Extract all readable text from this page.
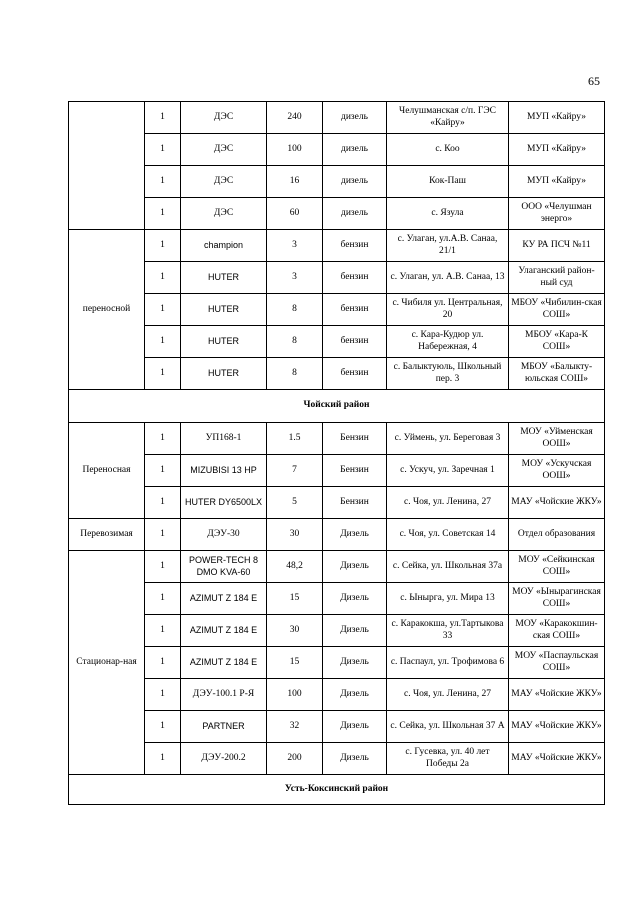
65
	1	ДЭС	240	дизель	Челушманская с/п. ГЭС «Кайру»	МУП «Кайру»
	1	ДЭС	100	дизель	с. Коо	МУП «Кайру»
	1	ДЭС	16	дизель	Кок-Паш	МУП «Кайру»
	1	ДЭС	60	дизель	с. Язула	ООО «Челушман энерго»
переносной	1	champion	3	бензин	с. Улаган, ул.А.В. Санаа, 21/1	КУ РА ПСЧ №11
	1	HUTER	3	бензин	с. Улаган, ул. А.В. Санаа, 13	Улаганский район-ный суд
	1	HUTER	8	бензин	с. Чибиля ул. Центральная, 20	МБОУ «Чибилин-ская СОШ»
	1	HUTER	8	бензин	с. Кара-Кудюр ул. Набережная, 4	МБОУ «Кара-К СОШ»
	1	HUTER	8	бензин	с. Балыктуюль, Школьный пер. 3	МБОУ «Балыкту-юльская СОШ»
Чойский район						
Переносная	1	УП168-1	1.5	Бензин	с. Уймень, ул. Береговая 3	МОУ «Уйменская ООШ»
	1	MIZUBISI 13 HP	7	Бензин	с. Ускуч, ул. Заречная 1	МОУ «Ускучская ООШ»
	1	HUTER DY6500LX	5	Бензин	с. Чоя, ул. Ленина, 27	МАУ «Чойские ЖКУ»
Перевозимая	1	ДЭУ-30	30	Дизель	с. Чоя, ул. Советская 14	Отдел образования
Стационар-ная	1	POWER-TECH 8 DMO KVA-60	48,2	Дизель	с. Сейка, ул. Школьная 37а	МОУ «Сейкинская СОШ»
	1	AZIMUT Z 184 E	15	Дизель	с. Ынырга, ул. Мира 13	МОУ «Ынырагинская СОШ»
	1	AZIMUT Z 184 E	30	Дизель	с. Каракокша, ул.Тартыкова 33	МОУ «Каракокшин-ская СОШ»
	1	AZIMUT Z 184 E	15	Дизель	с. Паспаул, ул. Трофимова 6	МОУ «Паспаульская СОШ»
	1	ДЭУ-100.1 Р-Я	100	Дизель	с. Чоя, ул. Ленина, 27	МАУ «Чойские ЖКУ»
	1	PARTNER	32	Дизель	с. Сейка, ул. Школьная 37 А	МАУ «Чойские ЖКУ»
	1	ДЭУ-200.2	200	Дизель	с. Гусевка, ул. 40 лет Победы 2а	МАУ «Чойские ЖКУ»
Усть-Коксинский район						
